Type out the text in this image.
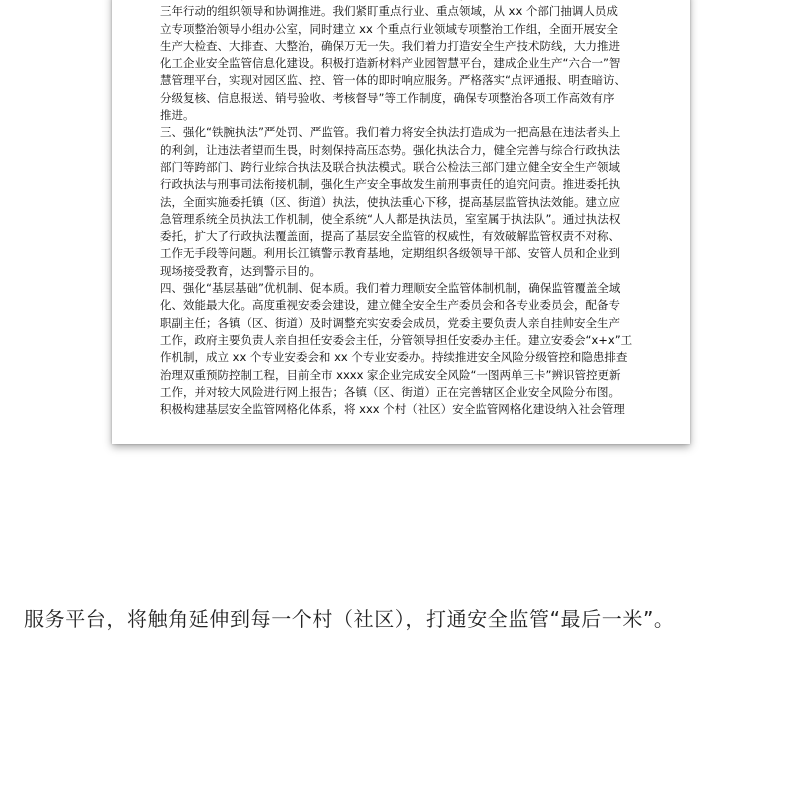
三年行动的组织领导和协调推进。我们紧盯重点行业、重点领域，从 xx 个部门抽调人员成
立专项整治领导小组办公室，同时建立 xx 个重点行业领域专项整治工作组，全面开展安全
生产大检查、大排查、大整治，确保万无一失。我们着力打造安全生产技术防线，大力推进
化工企业安全监管信息化建设。积极打造新材料产业园智慧平台，建成企业生产“六合一”智
慧管理平台，实现对园区监、控、管一体的即时响应服务。严格落实“点评通报、明查暗访、
分级复核、信息报送、销号验收、考核督导”等工作制度，确保专项整治各项工作高效有序
推进。
三、强化“铁腕执法”严处罚、严监管。我们着力将安全执法打造成为一把高悬在违法者头上
的利剑，让违法者望而生畏，时刻保持高压态势。强化执法合力，健全完善与综合行政执法
部门等跨部门、跨行业综合执法及联合执法模式。联合公检法三部门建立健全安全生产领域
行政执法与刑事司法衔接机制，强化生产安全事故发生前刑事责任的追究问责。推进委托执
法，全面实施委托镇（区、街道）执法，使执法重心下移，提高基层监管执法效能。建立应
急管理系统全员执法工作机制，使全系统“人人都是执法员，室室属于执法队”。通过执法权
委托，扩大了行政执法覆盖面，提高了基层安全监管的权威性，有效破解监管权责不对称、
工作无手段等问题。利用长江镇警示教育基地，定期组织各级领导干部、安管人员和企业到
现场接受教育，达到警示目的。
四、强化“基层基础”优机制、促本质。我们着力理顺安全监管体制机制，确保监管覆盖全域
化、效能最大化。高度重视安委会建设，建立健全安全生产委员会和各专业委员会，配备专
职副主任；各镇（区、街道）及时调整充实安委会成员，党委主要负责人亲自挂帅安全生产
工作，政府主要负责人亲自担任安委会主任，分管领导担任安委办主任。建立安委会“x+x”工
作机制，成立 xx 个专业安委会和 xx 个专业安委办。持续推进安全风险分级管控和隐患排查
治理双重预防控制工程，目前全市 xxxx 家企业完成安全风险“一图两单三卡”辨识管控更新
工作，并对较大风险进行网上报告；各镇（区、街道）正在完善辖区企业安全风险分布图。
积极构建基层安全监管网格化体系，将 xxx 个村（社区）安全监管网格化建设纳入社会管理
服务平台，将触角延伸到每一个村（社区），打通安全监管“最后一米”。
